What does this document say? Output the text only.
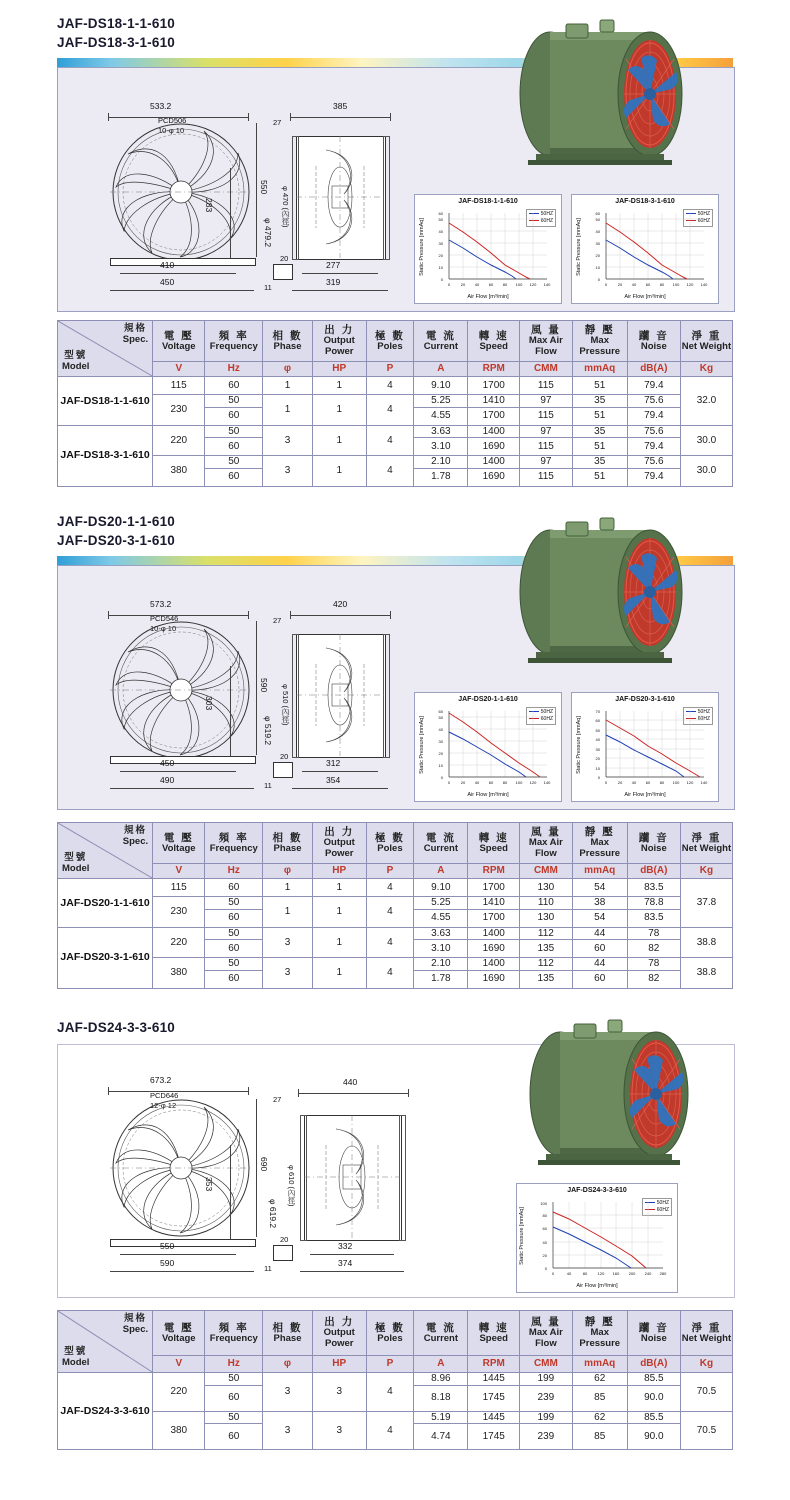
JAF-DS18-1-1-610
JAF-DS18-3-1-610
533.2
PCD506
10-φ 10
550
283
410
450
20
11
27
385
φ 479.2
φ 470 (內徑)
277
319
JAF-DS18-1-1-610
50HZ
60HZ
0
10
20
30
40
50
60
0	20 40 60 80 100 120 140
Air Flow [m³/min]
Static Pressure [mmAq]
JAF-DS18-3-1-610
50HZ
60HZ
0
10
20
30
40
50
60
0	20 40 60 80 100 120 140
Air Flow [m³/min]
Static Pressure [mmAq]
規格
Spec.
型號
Model	電 壓
Voltage	頻 率
Frequency	相 數
Phase	出 力
Output Power	極 數
Poles	電 流
Current	轉 速
Speed	風 量
Max Air Flow	靜 壓
Max Pressure	躪 音
Noise	淨 重
Net Weight

	V	Hz	φ	HP	P	A	RPM	CMM	mmAq	dB(A)	Kg
JAF-DS18-1-1-610	115	60	1	1	4	9.10	1700	115	51	79.4	32.0
	230	50	1	1	4	5.25	1410	97	35	75.6	
		60				4.55	1700	115	51	79.4	
JAF-DS18-3-1-610	220	50	3	1	4	3.63	1400	97	35	75.6	30.0
		60				3.10	1690	115	51	79.4	
	380	50	3	1	4	2.10	1400	97	35	75.6	30.0
		60				1.78	1690	115	51	79.4	
JAF-DS20-1-1-610
JAF-DS20-3-1-610
573.2
PCD546
10-φ 10
590
303
450
490
20
11
27
420
φ 519.2
φ 510 (內徑)
312
354
JAF-DS20-1-1-610
50HZ
60HZ
0
10
20
30
40
50
60
0	20 40 60 80 100 120 140
Air Flow [m³/min]
Static Pressure [mmAq]
JAF-DS20-3-1-610
50HZ
60HZ
0
10
20
30
40
50
60
70
0	20 40 60 80 100 120 140
Air Flow [m³/min]
Static Pressure [mmAq]
規格
Spec.
型號
Model	電 壓
Voltage	頻 率
Frequency	相 數
Phase	出 力
Output Power	極 數
Poles	電 流
Current	轉 速
Speed	風 量
Max Air Flow	靜 壓
Max Pressure	躪 音
Noise	淨 重
Net Weight

	V	Hz	φ	HP	P	A	RPM	CMM	mmAq	dB(A)	Kg
JAF-DS20-1-1-610	115	60	1	1	4	9.10	1700	130	54	83.5	37.8
	230	50	1	1	4	5.25	1410	110	38	78.8	
		60				4.55	1700	130	54	83.5	
JAF-DS20-3-1-610	220	50	3	1	4	3.63	1400	112	44	78	38.8
		60				3.10	1690	135	60	82	
	380	50	3	1	4	2.10	1400	112	44	78	38.8
		60				1.78	1690	135	60	82	
JAF-DS24-3-3-610
673.2
PCD646
12-φ 12
690
353
550
590
20
11
27
440
φ 619.2
φ 610 (內徑)
332
374
JAF-DS24-3-3-610
50HZ
60HZ
0
20
40
60
80
100
0	40	80	120 160 200 240 280
Air Flow [m³/min]
Static Pressure [mmAq]
規格
Spec.
型號
Model	電 壓
Voltage	頻 率
Frequency	相 數
Phase	出 力
Output Power	極 數
Poles	電 流
Current	轉 速
Speed	風 量
Max Air Flow	靜 壓
Max Pressure	躪 音
Noise	淨 重
Net Weight

	V	Hz	φ	HP	P	A	RPM	CMM	mmAq	dB(A)	Kg
JAF-DS24-3-3-610	220	50	3	3	4	8.96	1445	199	62	85.5	70.5
		60				8.18	1745	239	85	90.0	
	380	50	3	3	4	5.19	1445	199	62	85.5	70.5
		60				4.74	1745	239	85	90.0	
